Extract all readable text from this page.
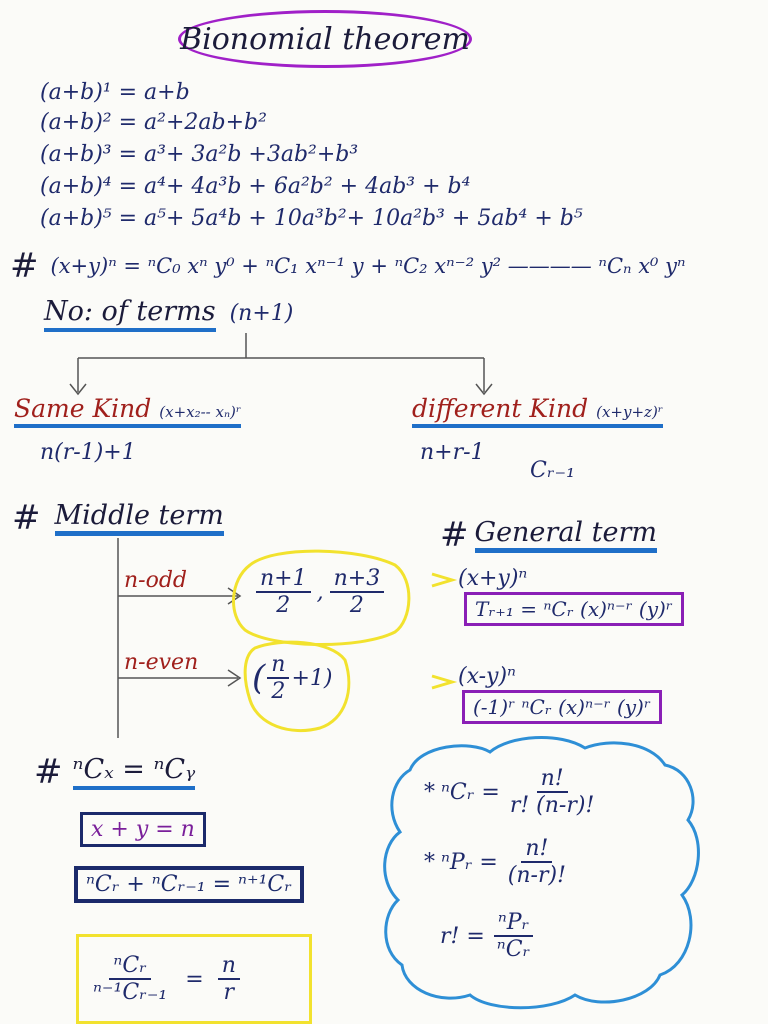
Bionomial theorem
(a+b)¹ = a+b
(a+b)² = a²+2ab+b²
(a+b)³ = a³+ 3a²b +3ab²+b³
(a+b)⁴ = a⁴+ 4a³b + 6a²b² + 4ab³ + b⁴
(a+b)⁵ = a⁵+ 5a⁴b + 10a³b²+ 10a²b³ + 5ab⁴ + b⁵
# (x+y)ⁿ = ⁿC₀ xⁿ y⁰ + ⁿC₁ xⁿ⁻¹ y + ⁿC₂ xⁿ⁻² y² ———— ⁿCₙ x⁰ yⁿ
No: of terms (n+1)
Same Kind (x+x₂-- xₙ)ʳ
n(r-1)+1
different Kind (x+y+z)ʳ
n+r-1
Cᵣ₋₁
# Middle term
n-odd	$\frac{n+1}{2}$ , $\frac{n+3}{2}$
n-even ( $\frac{n}{2} +1$)
# General term
(x+y)ⁿ
Tᵣ₊₁ = ⁿCᵣ (x)ⁿ⁻ʳ (y)ʳ
(x-y)ⁿ
(-1)ʳ ⁿCᵣ (x)ⁿ⁻ʳ (y)ʳ
# ⁿCₓ = ⁿCᵧ
x + y = n
ⁿCᵣ + ⁿCᵣ₋₁ = ⁿ⁺¹Cᵣ
$\frac{\text{ⁿCᵣ}}{\text{ⁿ⁻¹Cᵣ₋₁}} = \frac{n}{r}$
* ⁿCᵣ = $\frac{n!}{r! (n-r)!}$
* ⁿPᵣ = $\frac{n!}{(n-r)!}$
r! = $\frac{\text{ⁿPᵣ}}{\text{ⁿCᵣ}}$
